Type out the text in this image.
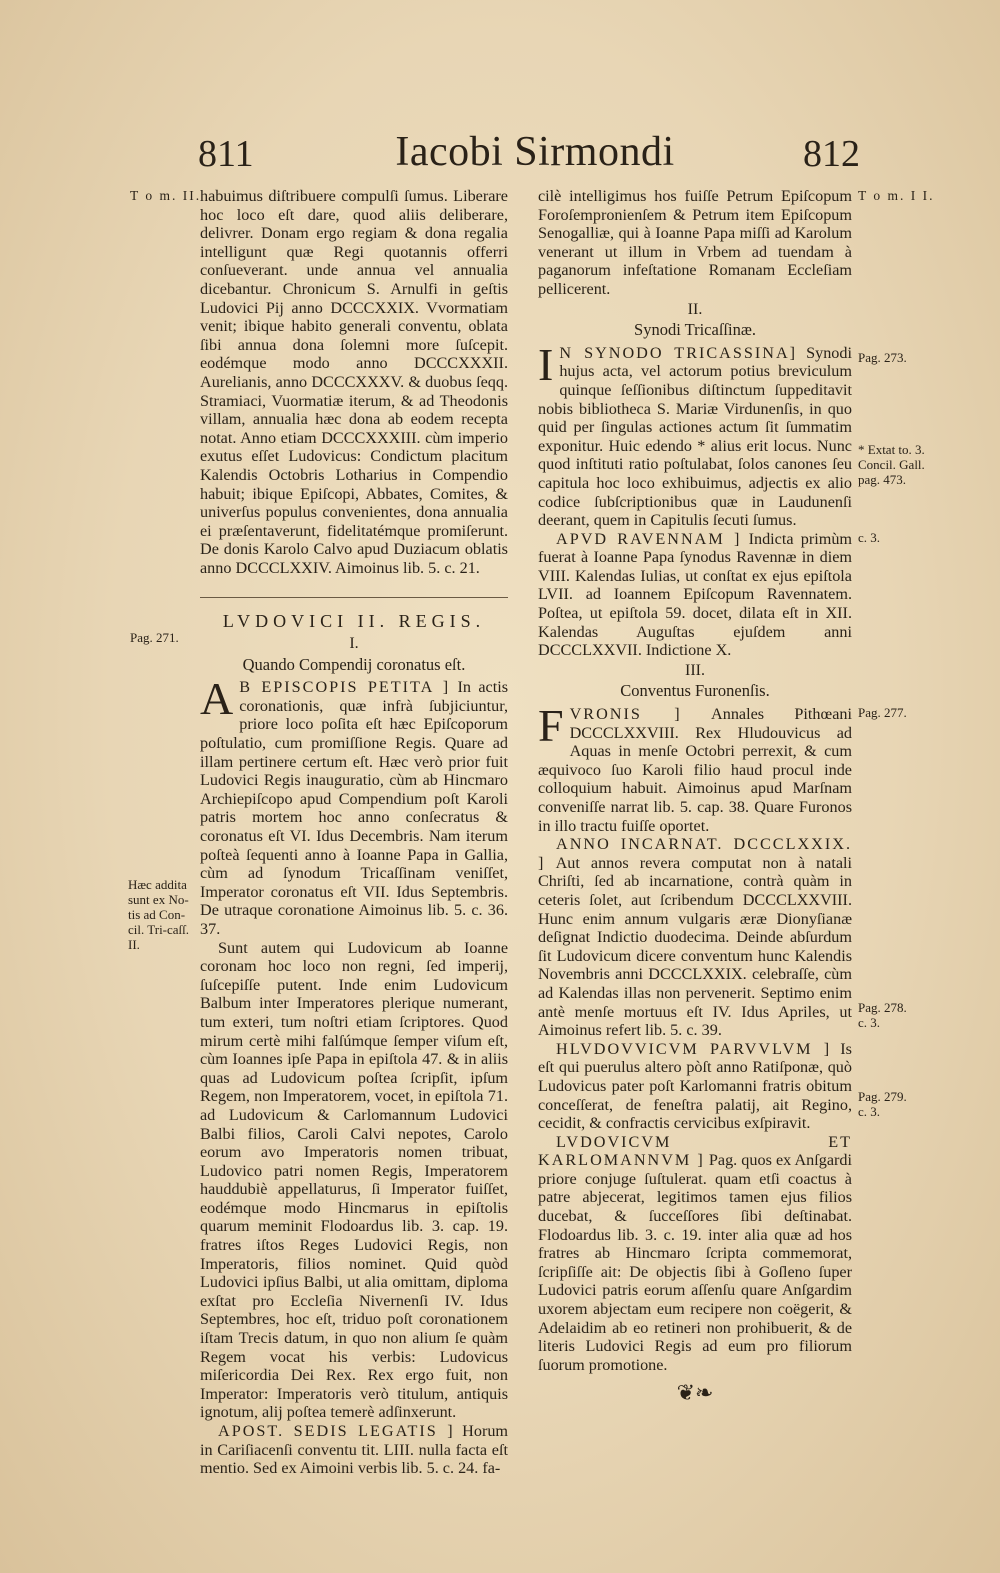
811	Iacobi Sirmondi	812
T o m. II.	T o m. I I.
Pag. 271.
Hæc addita sunt ex No-tis ad Con-cil. Tri-caſſ. II.
Pag. 273.
* Extat to. 3. Concil. Gall. pag. 473.
c. 3.
Pag. 277.
Pag. 278. c. 3.
Pag. 279. c. 3.

habuimus diſtribuere compulſi ſumus. Liberare hoc loco eſt dare, quod aliis deliberare, delivrer. Donam ergo regiam & dona regalia intelligunt quæ Regi quotannis offerri conſueverant. unde annua vel annualia dicebantur. Chronicum S. Arnulfi in geſtis Ludovici Pij anno DCCCXXIX. Vvormatiam venit; ibique habito generali conventu, oblata ſibi annua dona ſolemni more ſuſcepit. eodémque modo anno DCCCXXXII. Aurelianis, anno DCCCXXXV. & duobus ſeqq. Stramiaci, Vuormatiæ iterum, & ad Theodonis villam, annualia hæc dona ab eodem recepta notat. Anno etiam DCCCXXXIII. cùm imperio exutus eſſet Ludovicus: Condictum placitum Kalendis Octobris Lotharius in Compendio habuit; ibique Epiſcopi, Abbates, Comites, & univerſus populus convenientes, dona annualia ei præſentaverunt, fidelitatémque promiſerunt. De donis Karolo Calvo apud Duziacum oblatis anno DCCCLXXIV. Aimoinus lib. 5. c. 21.

LVDOVICI II. REGIS.
I.
Quando Compendij coronatus eſt.

A B EPISCOPIS PETITA ] In actis coronationis, quæ infrà ſubjiciuntur, priore loco poſita eſt hæc Epiſcoporum poſtulatio, cum promiſſione Regis. Quare ad illam pertinere certum eſt. Hæc verò prior fuit Ludovici Regis inauguratio, cùm ab Hincmaro Archiepiſcopo apud Compendium poſt Karoli patris mortem hoc anno conſecratus & coronatus eſt VI. Idus Decembris. Nam iterum poſteà ſequenti anno à Ioanne Papa in Gallia, cùm ad ſynodum Tricaſſinam veniſſet, Imperator coronatus eſt VII. Idus Septembris. De utraque coronatione Aimoinus lib. 5. c. 36. 37.

Sunt autem qui Ludovicum ab Ioanne coronam hoc loco non regni, ſed imperij, ſuſcepiſſe putent. Inde enim Ludovicum Balbum inter Imperatores plerique numerant, tum exteri, tum noſtri etiam ſcriptores. Quod mirum certè mihi falſúmque ſemper viſum eſt, cùm Ioannes ipſe Papa in epiſtola 47. & in aliis quas ad Ludovicum poſtea ſcripſit, ipſum Regem, non Imperatorem, vocet, in epiſtola 71. ad Ludovicum & Carlomannum Ludovici Balbi filios, Caroli Calvi nepotes, Carolo eorum avo Imperatoris nomen tribuat, Ludovico patri nomen Regis, Imperatorem hauddubiè appellaturus, ſi Imperator fuiſſet, eodémque modo Hincmarus in epiſtolis quarum meminit Flodoardus lib. 3. cap. 19. fratres iſtos Reges Ludovici Regis, non Imperatoris, filios nominet. Quid quòd Ludovici ipſius Balbi, ut alia omittam, diploma exſtat pro Eccleſia Nivernenſi IV. Idus Septembres, hoc eſt, triduo poſt coronationem iſtam Trecis datum, in quo non alium ſe quàm Regem vocat his verbis: Ludovicus miſericordia Dei Rex. Rex ergo fuit, non Imperator: Imperatoris verò titulum, antiquis ignotum, alij poſtea temerè adſinxerunt.

APOST. SEDIS LEGATIS ] Horum in Cariſiacenſi conventu tit. LIII. nulla facta eſt mentio. Sed ex Aimoini verbis lib. 5. c. 24. fa-

cilè intelligimus hos fuiſſe Petrum Epiſcopum Foroſempronienſem & Petrum item Epiſcopum Senogalliæ, qui à Ioanne Papa miſſi ad Karolum venerant ut illum in Vrbem ad tuendam à paganorum infeſtatione Romanam Eccleſiam pellicerent.

II.
Synodi Tricaſſinæ.

I N SYNODO TRICASSINA] Synodi hujus acta, vel actorum potius breviculum quinque ſeſſionibus diſtinctum ſuppeditavit nobis bibliotheca S. Mariæ Virdunenſis, in quo quid per ſingulas actiones actum ſit ſummatim exponitur. Huic edendo * alius erit locus. Nunc quod inſtituti ratio poſtulabat, ſolos canones ſeu capitula hoc loco exhibuimus, adjectis ex alio codice ſubſcriptionibus quæ in Laudunenſi deerant, quem in Capitulis ſecuti ſumus.

APVD RAVENNAM ] Indicta primùm fuerat à Ioanne Papa ſynodus Ravennæ in diem VIII. Kalendas Iulias, ut conſtat ex ejus epiſtola LVII. ad Ioannem Epiſcopum Ravennatem. Poſtea, ut epiſtola 59. docet, dilata eſt in XII. Kalendas Auguſtas ejuſdem anni DCCCLXXVII. Indictione X.

III.
Conventus Furonenſis.

FVRONIS ] Annales Pithœani DCCCLXXVIII. Rex Hludouvicus ad Aquas in menſe Octobri perrexit, & cum æquivoco ſuo Karoli filio haud procul inde colloquium habuit. Aimoinus apud Marſnam conveniſſe narrat lib. 5. cap. 38. Quare Furonos in illo tractu fuiſſe oportet.

ANNO INCARNAT. DCCCLXXIX. ] Aut annos revera computat non à natali Chriſti, ſed ab incarnatione, contrà quàm in ceteris ſolet, aut ſcribendum DCCCLXXVIII. Hunc enim annum vulgaris æræ Dionyſianæ deſignat Indictio duodecima. Deinde abſurdum ſit Ludovicum dicere conventum hunc Kalendis Novembris anni DCCCLXXIX. celebraſſe, cùm ad Kalendas illas non pervenerit. Septimo enim antè menſe mortuus eſt IV. Idus Apriles, ut Aimoinus refert lib. 5. c. 39.

HLVDOVVICVM PARVVLVM ] Is eſt qui puerulus altero pòſt anno Ratiſponæ, quò Ludovicus pater poſt Karlomanni fratris obitum conceſſerat, de feneſtra palatij, ait Regino, cecidit, & confractis cervicibus exſpiravit.

LVDOVICVM ET KARLOMANNVM ] Pag. quos ex Anſgardi priore conjuge ſuſtulerat. quam etſi coactus à patre abjecerat, legitimos tamen ejus filios ducebat, & ſucceſſores ſibi deſtinabat. Flodoardus lib. 3. c. 19. inter alia quæ ad hos fratres ab Hincmaro ſcripta commemorat, ſcripſiſſe ait: De objectis ſibi à Goſleno ſuper Ludovici patris eorum aſſenſu quare Anſgardim uxorem abjectam eum recipere non coëgerit, & Adelaidim ab eo retineri non prohibuerit, & de literis Ludovici Regis ad eum pro filiorum ſuorum promotione.

❦❧
